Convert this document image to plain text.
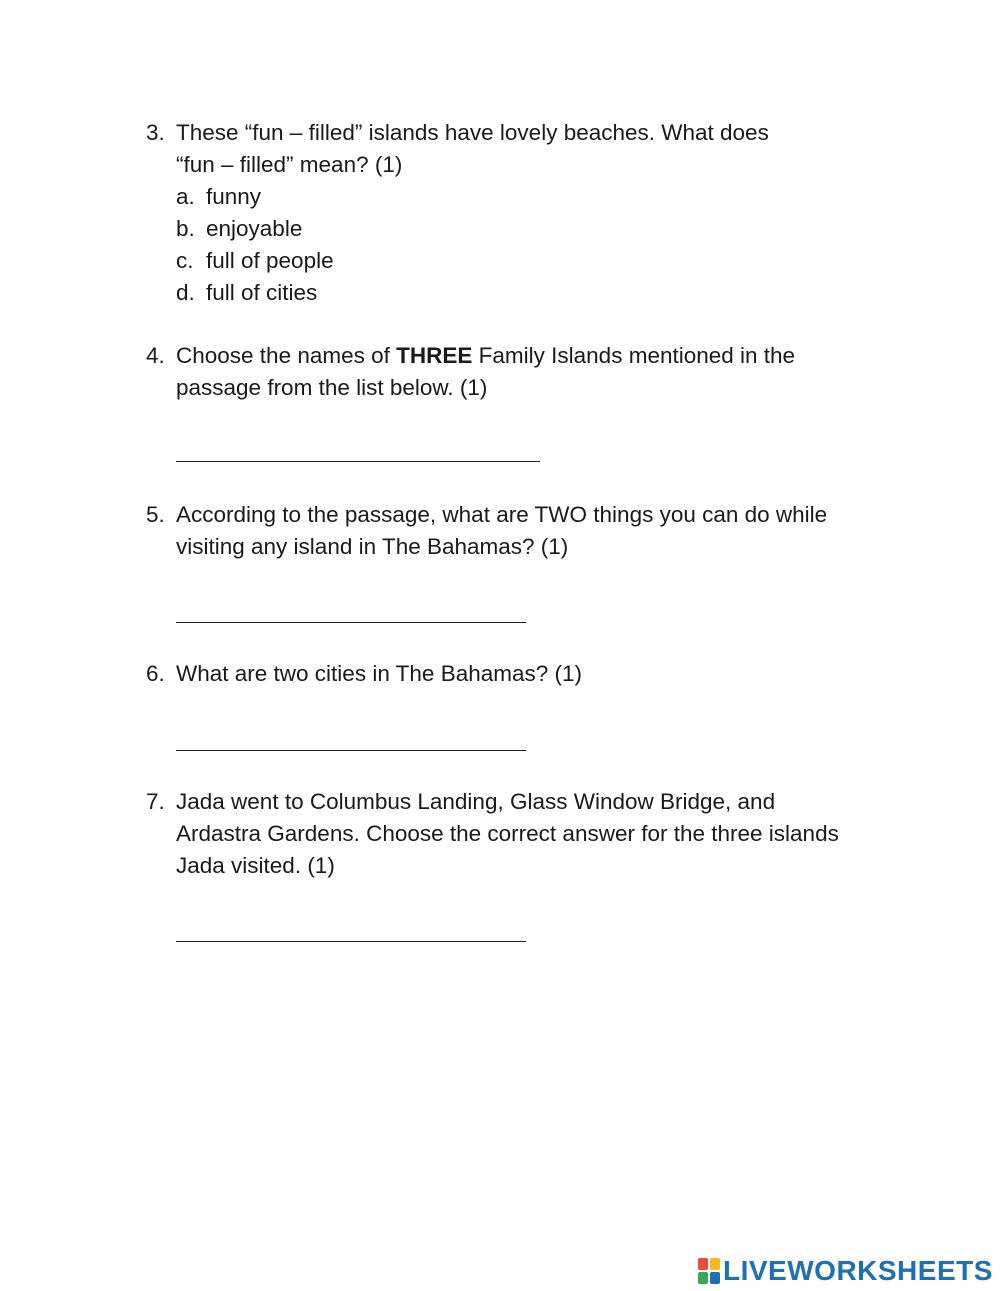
3. These “fun – filled” islands have lovely beaches. What does
“fun – filled” mean? (1)
a. funny
b. enjoyable
c. full of people
d. full of cities
4. Choose the names of THREE Family Islands mentioned in the
passage from the list below. (1)
5. According to the passage, what are TWO things you can do while
visiting any island in The Bahamas? (1)
6. What are two cities in The Bahamas? (1)
7. Jada went to Columbus Landing, Glass Window Bridge, and
Ardastra Gardens. Choose the correct answer for the three islands
Jada visited. (1)
LIVEWORKSHEETS
